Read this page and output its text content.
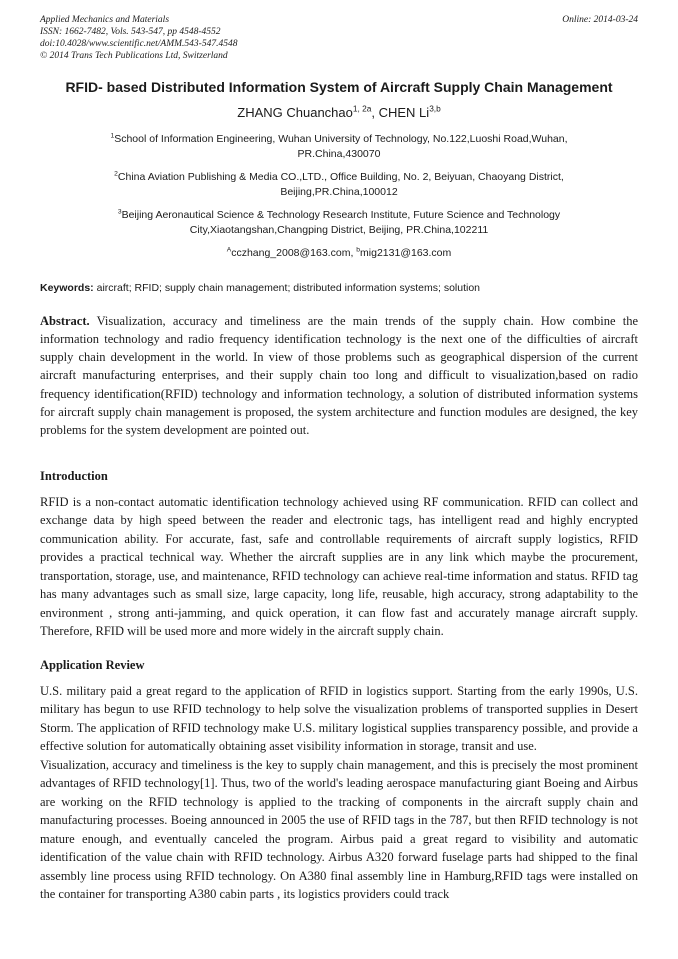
Applied Mechanics and Materials
ISSN: 1662-7482, Vols. 543-547, pp 4548-4552
doi:10.4028/www.scientific.net/AMM.543-547.4548
© 2014 Trans Tech Publications Ltd, Switzerland
Online: 2014-03-24
RFID- based Distributed Information System of Aircraft Supply Chain Management
ZHANG Chuanchao$^{1, 2a}$, CHEN Li$^{3,b}$

$^1$School of Information Engineering, Wuhan University of Technology, No.122,Luoshi Road,Wuhan, PR.China,430070

$^2$China Aviation Publishing & Media CO.,LTD., Office Building, No. 2, Beiyuan, Chaoyang District, Beijing,PR.China,100012

$^3$Beijing Aeronautical Science & Technology Research Institute, Future Science and Technology City,Xiaotangshan,Changping District, Beijing, PR.China,102211

$^A$cczhang_2008@163.com, $^b$mig2131@163.com

Keywords: aircraft; RFID; supply chain management; distributed information systems; solution

Abstract. Visualization, accuracy and timeliness are the main trends of the supply chain. How combine the information technology and radio frequency identification technology is the next one of the difficulties of aircraft supply chain development in the world. In view of those problems such as geographical dispersion of the current aircraft manufacturing enterprises, and their supply chain too long and difficult to visualization,based on radio frequency identification(RFID) technology and information technology, a solution of distributed information systems for aircraft supply chain management is proposed, the system architecture and function modules are designed, the key problems for the system development are pointed out.

Introduction

RFID is a non-contact automatic identification technology achieved using RF communication. RFID can collect and exchange data by high speed between the reader and electronic tags, has intelligent read and highly encrypted communication ability. For accurate, fast, safe and controllable requirements of aircraft supply logistics, RFID provides a practical technical way. Whether the aircraft supplies are in any link which maybe the procurement, transportation, storage, use, and maintenance, RFID technology can achieve real-time information and status. RFID tag has many advantages such as small size, large capacity, long life, reusable, high accuracy, strong adaptability to the environment , strong anti-jamming, and quick operation, it can flow fast and accurately manage aircraft supply. Therefore, RFID will be used more and more widely in the aircraft supply chain.

Application Review

U.S. military paid a great regard to the application of RFID in logistics support. Starting from the early 1990s, U.S. military has begun to use RFID technology to help solve the visualization problems of transported supplies in Desert Storm. The application of RFID technology make U.S. military logistical supplies transparency possible, and provide a effective solution for automatically obtaining asset visibility information in storage, transit and use.

Visualization, accuracy and timeliness is the key to supply chain management, and this is precisely the most prominent advantages of RFID technology[1]. Thus, two of the world's leading aerospace manufacturing giant Boeing and Airbus are working on the RFID technology is applied to the tracking of components in the aircraft supply chain and manufacturing processes. Boeing announced in 2005 the use of RFID tags in the 787, but then RFID technology is not mature enough, and eventually canceled the program. Airbus paid a great regard to visibility and automatic identification of the value chain with RFID technology. Airbus A320 forward fuselage parts had shipped to the final assembly line process using RFID technology. On A380 final assembly line in Hamburg,RFID tags were installed on the container for transporting A380 cabin parts , its logistics providers could track
